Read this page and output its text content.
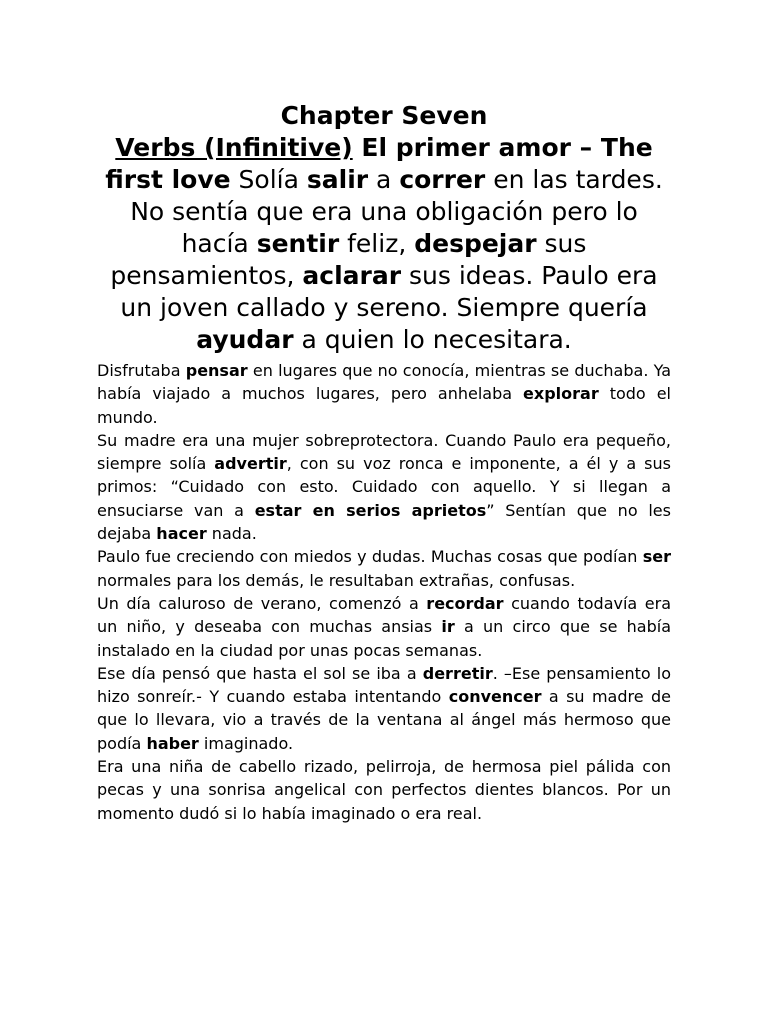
Chapter Seven

Verbs (Infinitive) El primer amor – The first love Solía salir a correr en las tardes. No sentía que era una obligación pero lo hacía sentir feliz, despejar sus pensamientos, aclarar sus ideas. Paulo era un joven callado y sereno. Siempre quería ayudar a quien lo necesitara.

Disfrutaba pensar en lugares que no conocía, mientras se duchaba. Ya había viajado a muchos lugares, pero anhelaba explorar todo el mundo.

Su madre era una mujer sobreprotectora. Cuando Paulo era pequeño, siempre solía advertir, con su voz ronca e imponente, a él y a sus primos: “Cuidado con esto. Cuidado con aquello. Y si llegan a ensuciarse van a estar en serios aprietos” Sentían que no les dejaba hacer nada.

Paulo fue creciendo con miedos y dudas. Muchas cosas que podían ser normales para los demás, le resultaban extrañas, confusas.

Un día caluroso de verano, comenzó a recordar cuando todavía era un niño, y deseaba con muchas ansias ir a un circo que se había instalado en la ciudad por unas pocas semanas.

Ese día pensó que hasta el sol se iba a derretir. –Ese pensamiento lo hizo sonreír.- Y cuando estaba intentando convencer a su madre de que lo llevara, vio a través de la ventana al ángel más hermoso que podía haber imaginado.

Era una niña de cabello rizado, pelirroja, de hermosa piel pálida con pecas y una sonrisa angelical con perfectos dientes blancos. Por un momento dudó si lo había imaginado o era real.
